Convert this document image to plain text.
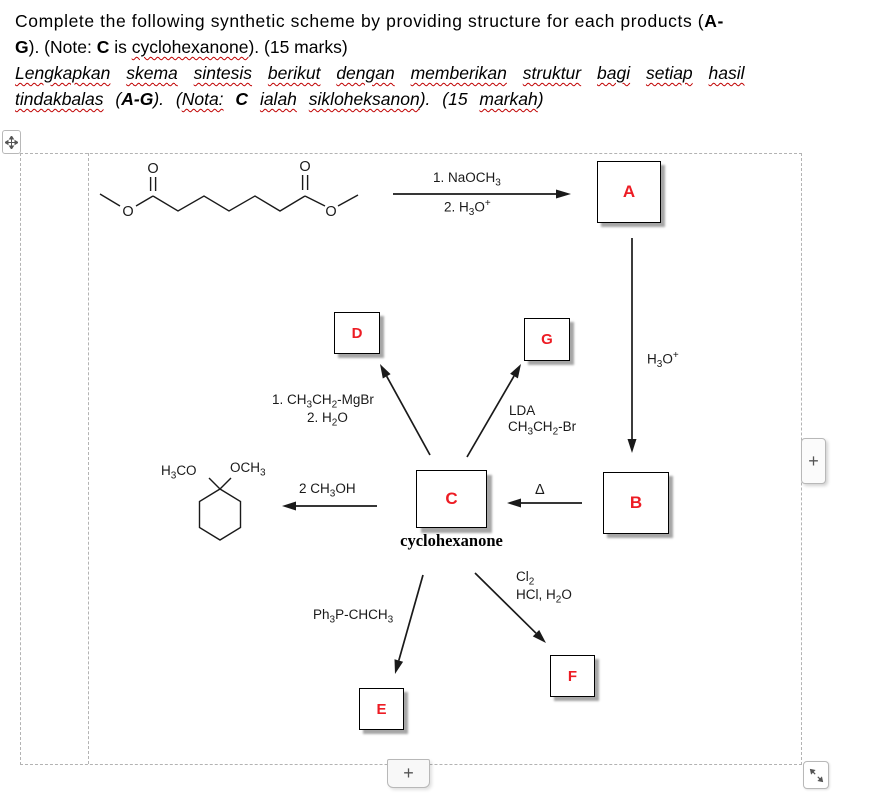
Complete the following synthetic scheme by providing structure for each products (A-
G). (Note: C is cyclohexanone). (15 marks)
Lengkapkan skema sintesis berikut dengan memberikan struktur bagi setiap hasil
tindakbalas (A-G). (Nota: C ialah sikloheksanon). (15 markah)
O
O	O
O
A
B
C
D	G
E
F
1. NaOCH$_3$
2. $H_3O^+$
$H_3O^+$
1. $CH_3CH_2$-MgBr
2. $H_2O$	LDA
$CH_3CH_2-Br$
2 $CH_3OH$	Δ
$Ph_3P-CHCH_3$
$Cl_2$
HCl, $H_2O$
$H_3CO$ $OCH_3$
cyclohexanone
+
+
